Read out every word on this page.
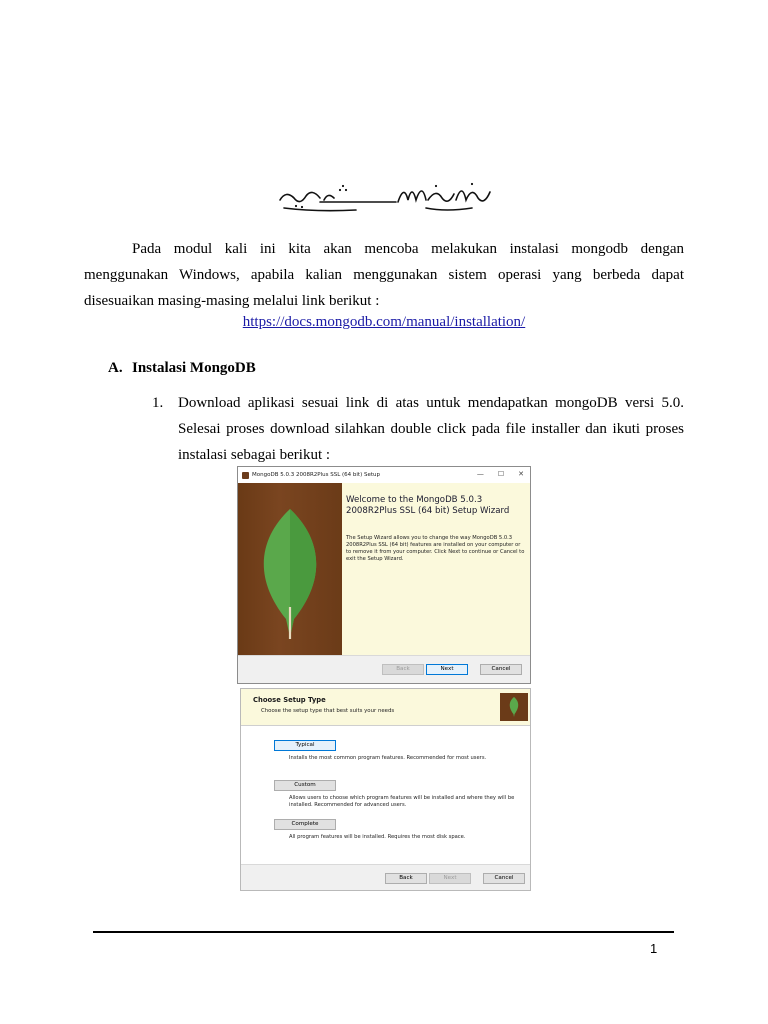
Pada modul kali ini kita akan mencoba melakukan instalasi mongodb dengan
menggunakan Windows, apabila kalian menggunakan sistem operasi yang berbeda dapat
disesuaikan masing-masing melalui link berikut :
https://docs.mongodb.com/manual/installation/
A. Instalasi MongoDB
1. Download aplikasi sesuai link di atas untuk mendapatkan mongoDB versi 5.0.
Selesai proses download silahkan double click pada file installer dan ikuti proses
instalasi sebagai berikut :
MongoDB 5.0.3 2008R2Plus SSL (64 bit) Setup	— ☐ ✕
Welcome to the MongoDB 5.0.3 2008R2Plus SSL (64 bit) Setup Wizard
The Setup Wizard allows you to change the way MongoDB 5.0.3 2008R2Plus SSL (64 bit) features are installed on your computer or to remove it from your computer. Click Next to continue or Cancel to exit the Setup Wizard.
Back	Next	Cancel
Choose Setup Type
Choose the setup type that best suits your needs
Typical
Installs the most common program features. Recommended for most users.
Custom
Allows users to choose which program features will be installed and where they will be installed. Recommended for advanced users.
Complete
All program features will be installed. Requires the most disk space.
Back	Next	Cancel
1
